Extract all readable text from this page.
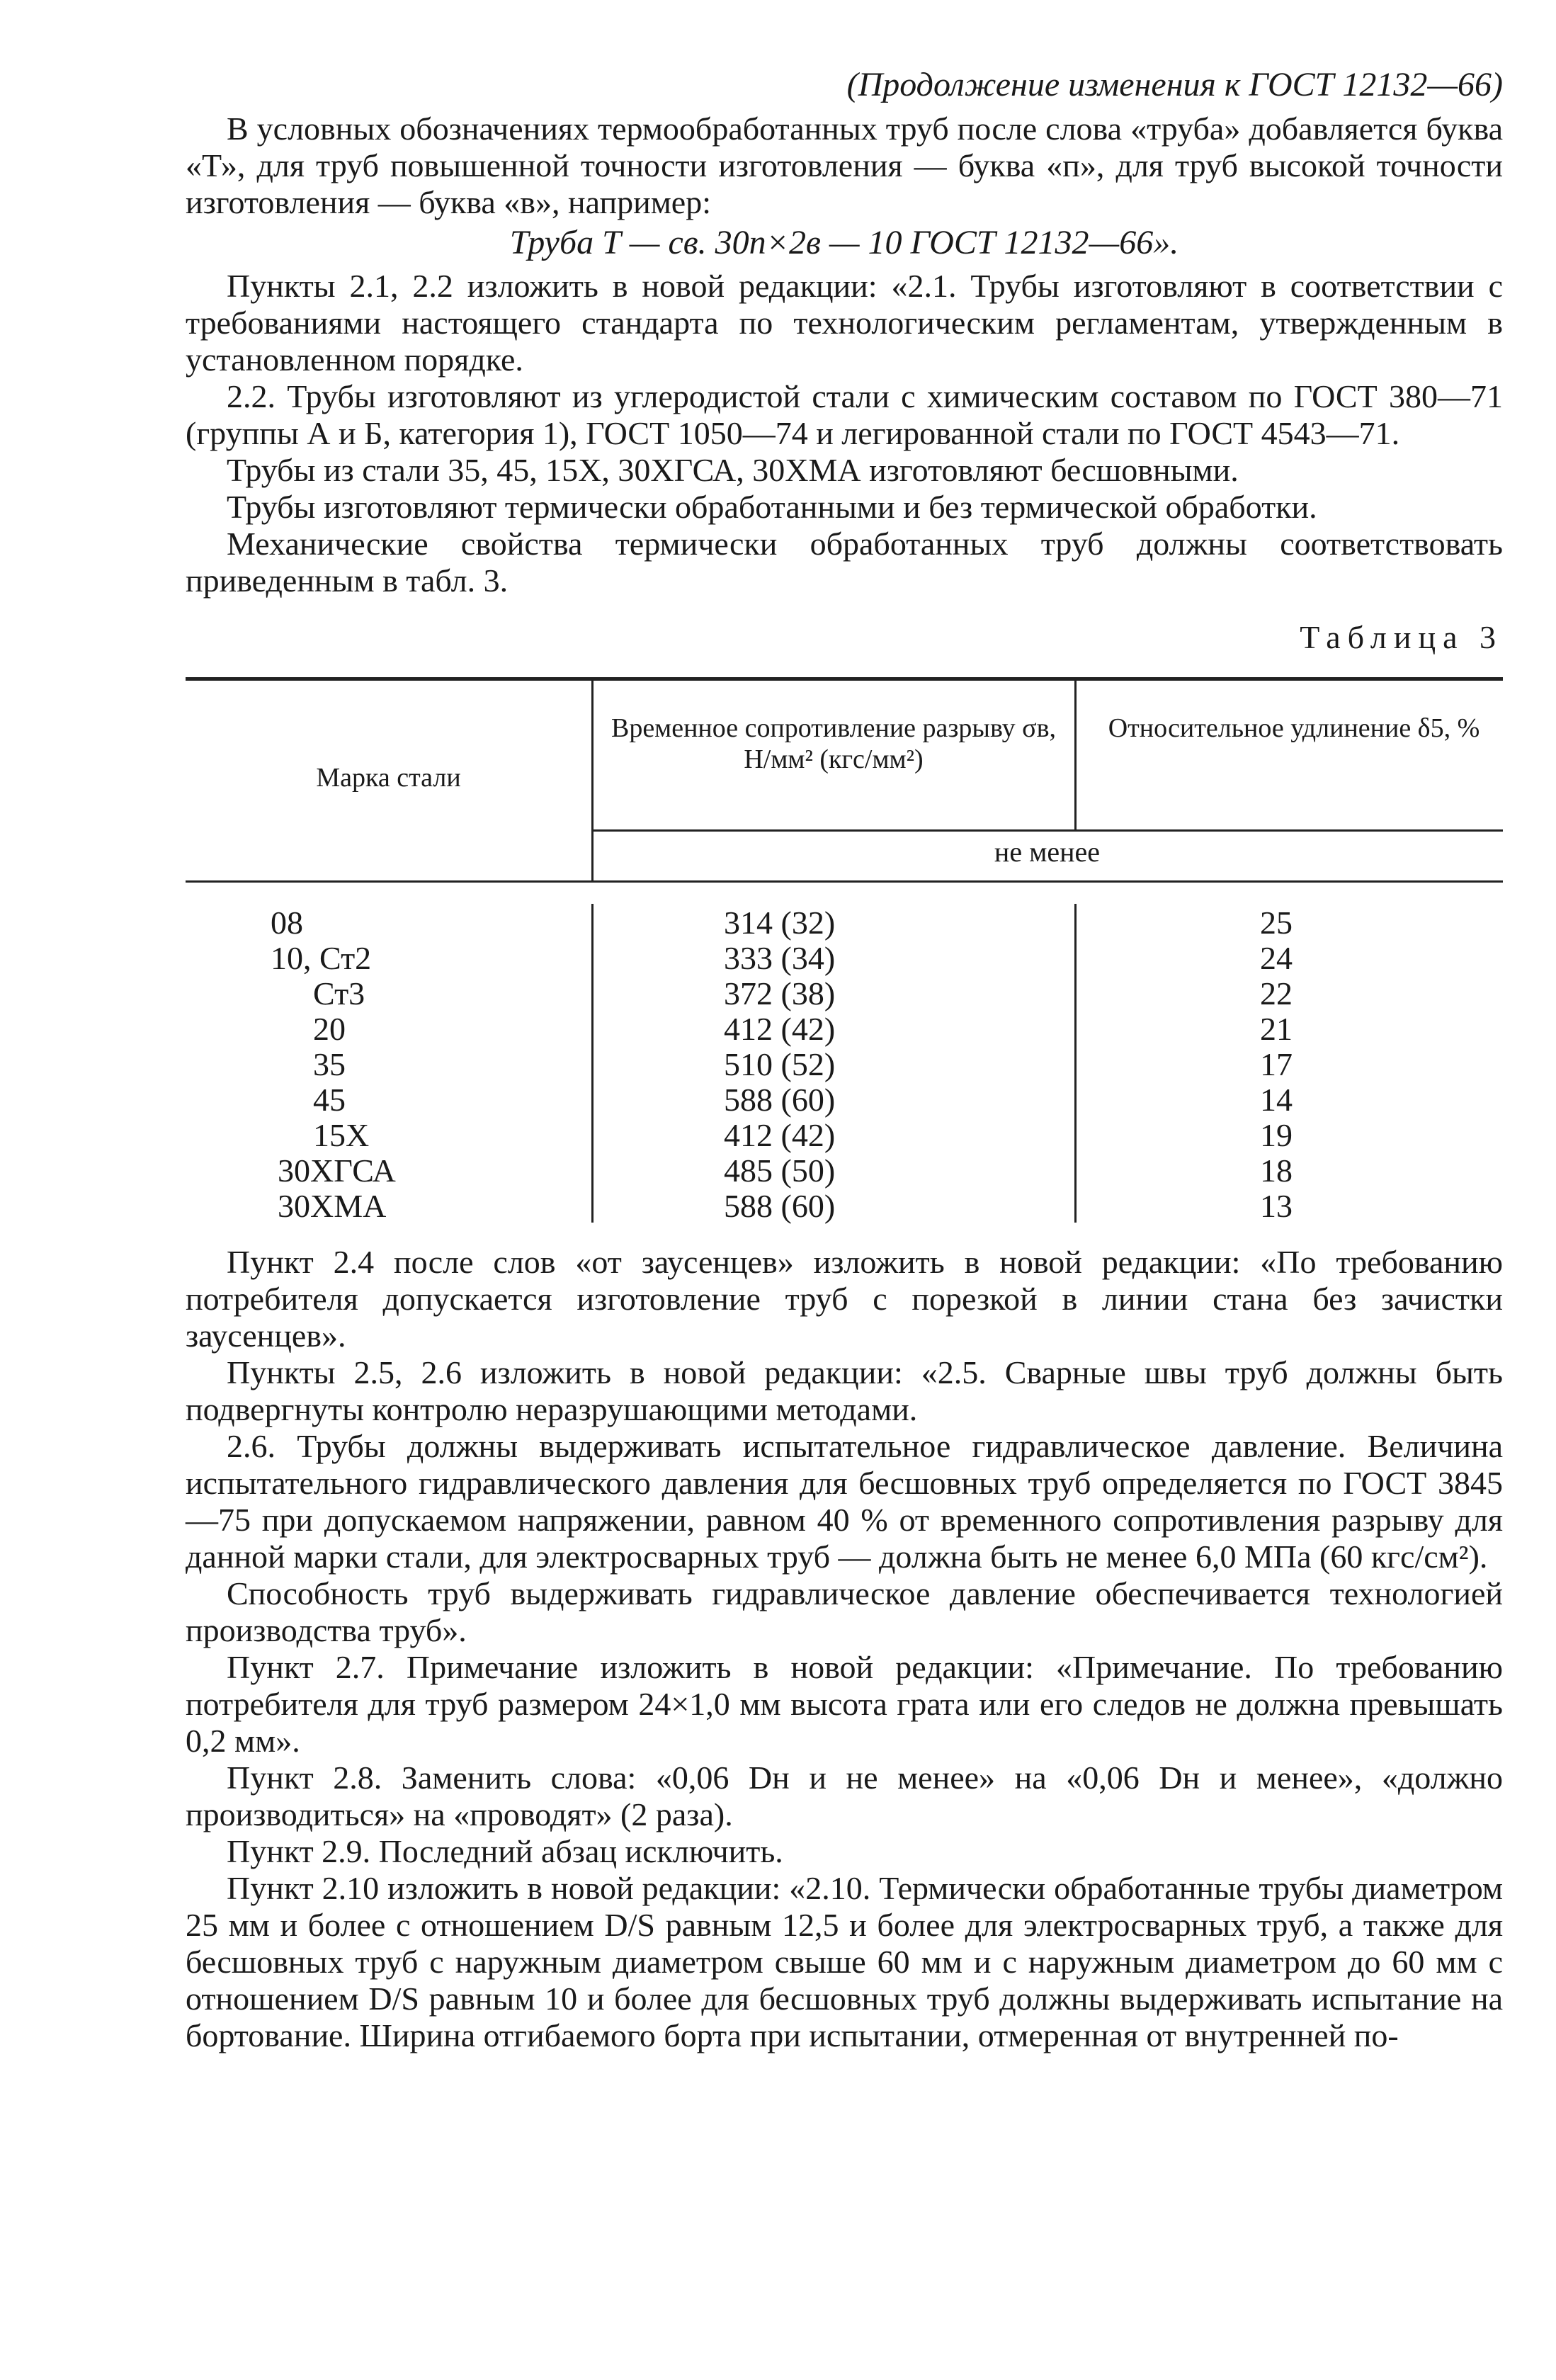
(Продолжение изменения к ГОСТ 12132—66)

В условных обозначениях термообработанных труб после слова «труба» добавляется буква «Т», для труб повышенной точности изготовления — буква «п», для труб высокой точности изготовления — буква «в», например:

Труба Т — св. 30п×2в — 10 ГОСТ 12132—66».

Пункты 2.1, 2.2 изложить в новой редакции: «2.1. Трубы изготовляют в соответствии с требованиями настоящего стандарта по технологическим регламентам, утвержденным в установленном порядке.

2.2. Трубы изготовляют из углеродистой стали с химическим составом по ГОСТ 380—71 (группы А и Б, категория 1), ГОСТ 1050—74 и легированной стали по ГОСТ 4543—71.

Трубы из стали 35, 45, 15Х, 30ХГСА, 30ХМА изготовляют бесшовными.

Трубы изготовляют термически обработанными и без термической обработки.

Механические свойства термически обработанных труб должны соответствовать приведенным в табл. 3.

Таблица 3

Марка стали
Временное сопротивление разрыву σв, Н/мм² (кгс/мм²)
Относительное удлинение δ5, %
не менее
08
10, Ст2
Ст3
20
35
45
15Х
30ХГСА
30ХМА
314 (32)
333 (34)
372 (38)
412 (42)
510 (52)
588 (60)
412 (42)
485 (50)
588 (60)
25
24
22
21
17
14
19
18
13

Пункт 2.4 после слов «от заусенцев» изложить в новой редакции: «По требованию потребителя допускается изготовление труб с порезкой в линии стана без зачистки заусенцев».

Пункты 2.5, 2.6 изложить в новой редакции: «2.5. Сварные швы труб должны быть подвергнуты контролю неразрушающими методами.

2.6. Трубы должны выдерживать испытательное гидравлическое давление. Величина испытательного гидравлического давления для бесшовных труб определяется по ГОСТ 3845—75 при допускаемом напряжении, равном 40 % от временного сопротивления разрыву для данной марки стали, для электросварных труб — должна быть не менее 6,0 МПа (60 кгс/см²).

Способность труб выдерживать гидравлическое давление обеспечивается технологией производства труб».

Пункт 2.7. Примечание изложить в новой редакции: «Примечание. По требованию потребителя для труб размером 24×1,0 мм высота грата или его следов не должна превышать 0,2 мм».

Пункт 2.8. Заменить слова: «0,06 Dн и не менее» на «0,06 Dн и менее», «должно производиться» на «проводят» (2 раза).

Пункт 2.9. Последний абзац исключить.

Пункт 2.10 изложить в новой редакции: «2.10. Термически обработанные трубы диаметром 25 мм и более с отношением D/S равным 12,5 и более для электросварных труб, а также для бесшовных труб с наружным диаметром свыше 60 мм и с наружным диаметром до 60 мм с отношением D/S равным 10 и более для бесшовных труб должны выдерживать испытание на бортование. Ширина отгибаемого борта при испытании, отмеренная от внутренней по-
